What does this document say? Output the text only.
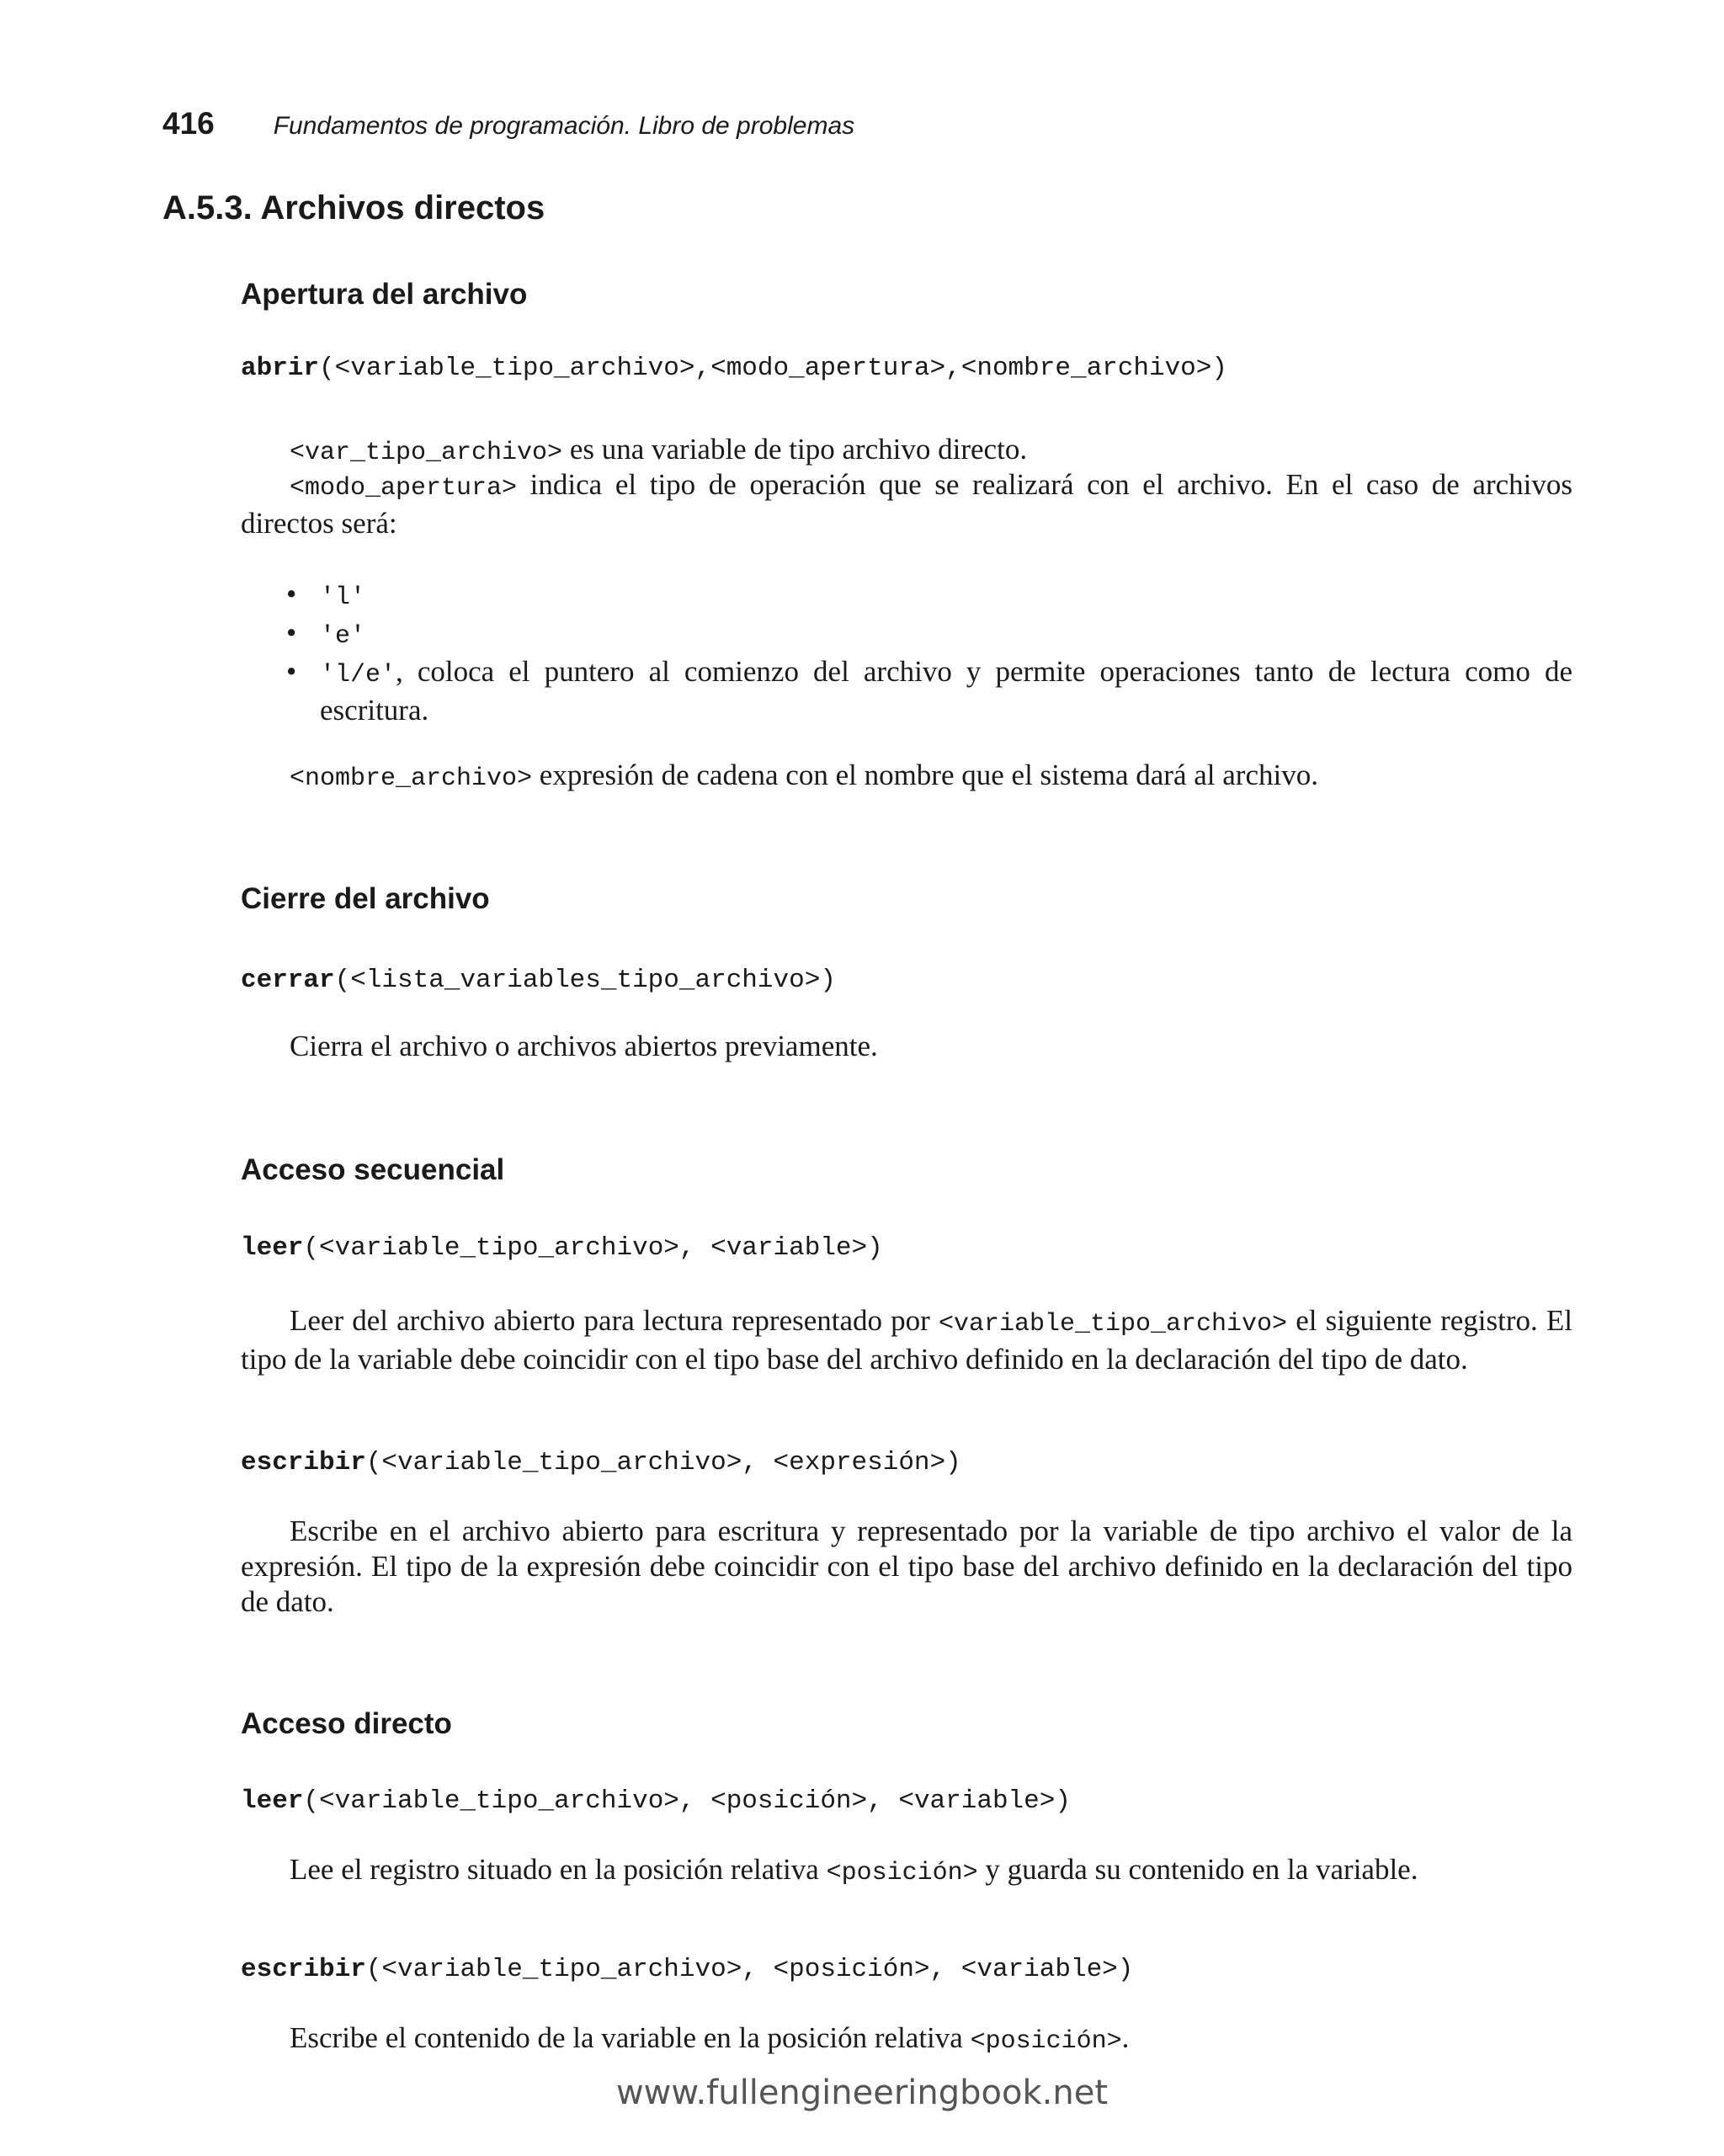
416 Fundamentos de programación. Libro de problemas
A.5.3. Archivos directos
Apertura del archivo
abrir(<variable_tipo_archivo>,<modo_apertura>,<nombre_archivo>)

<var_tipo_archivo> es una variable de tipo archivo directo.

<modo_apertura> indica el tipo de operación que se realizará con el archivo. En el caso de archivos directos será:

• 'l'
• 'e'
• 'l/e', coloca el puntero al comienzo del archivo y permite operaciones tanto de lectura como de escritura.

<nombre_archivo> expresión de cadena con el nombre que el sistema dará al archivo.

Cierre del archivo
cerrar(<lista_variables_tipo_archivo>)

Cierra el archivo o archivos abiertos previamente.

Acceso secuencial
leer(<variable_tipo_archivo>, <variable>)

Leer del archivo abierto para lectura representado por <variable_tipo_archivo> el siguiente registro. El tipo de la variable debe coincidir con el tipo base del archivo definido en la declaración del tipo de dato.

escribir(<variable_tipo_archivo>, <expresión>)

Escribe en el archivo abierto para escritura y representado por la variable de tipo archivo el valor de la expresión. El tipo de la expresión debe coincidir con el tipo base del archivo definido en la declaración del tipo de dato.

Acceso directo
leer(<variable_tipo_archivo>, <posición>, <variable>)

Lee el registro situado en la posición relativa <posición> y guarda su contenido en la variable.

escribir(<variable_tipo_archivo>, <posición>, <variable>)

Escribe el contenido de la variable en la posición relativa <posición>.

www.fullengineeringbook.net
